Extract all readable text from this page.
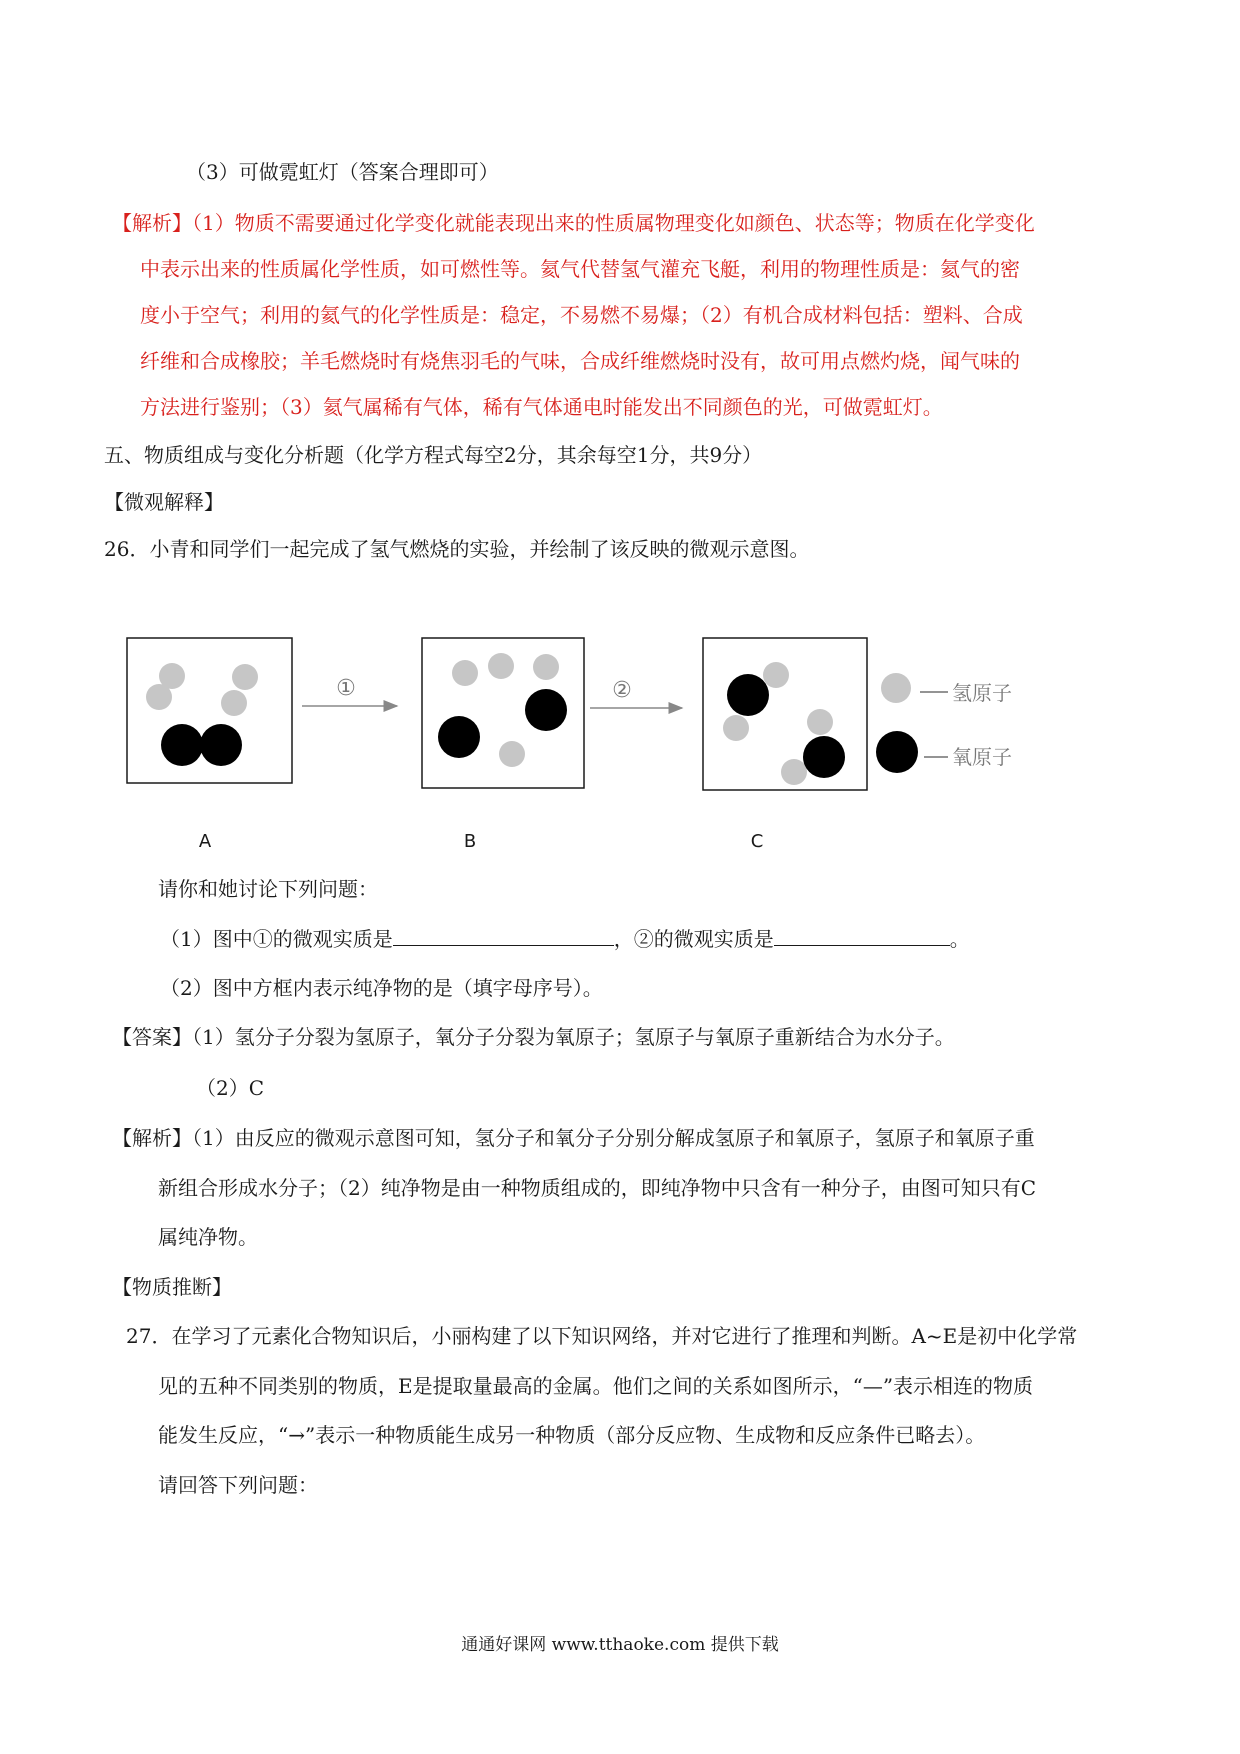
（3）可做霓虹灯（答案合理即可）
【解析】（1）物质不需要通过化学变化就能表现出来的性质属物理变化如颜色、状态等；物质在化学变化
中表示出来的性质属化学性质，如可燃性等。氦气代替氢气灌充飞艇，利用的物理性质是：氦气的密
度小于空气；利用的氦气的化学性质是：稳定，不易燃不易爆；（2）有机合成材料包括：塑料、合成
纤维和合成橡胶；羊毛燃烧时有烧焦羽毛的气味，合成纤维燃烧时没有，故可用点燃灼烧，闻气味的
方法进行鉴别；（3）氦气属稀有气体，稀有气体通电时能发出不同颜色的光，可做霓虹灯。
五、物质组成与变化分析题（化学方程式每空2分，其余每空1分，共9分）
【微观解释】
26．小青和同学们一起完成了氢气燃烧的实验，并绘制了该反映的微观示意图。
①	②	氢原子
氧原子
A	B	C
请你和她讨论下列问题：
（1）图中①的微观实质是	，②的微观实质是	。
（2）图中方框内表示纯净物的是（填字母序号）。
【答案】（1）氢分子分裂为氢原子，氧分子分裂为氧原子；氢原子与氧原子重新结合为水分子。
（2）C
【解析】（1）由反应的微观示意图可知，氢分子和氧分子分别分解成氢原子和氧原子，氢原子和氧原子重
新组合形成水分子；（2）纯净物是由一种物质组成的，即纯净物中只含有一种分子，由图可知只有C
属纯净物。
【物质推断】
27．在学习了元素化合物知识后，小丽构建了以下知识网络，并对它进行了推理和判断。A~E是初中化学常
见的五种不同类别的物质，E是提取量最高的金属。他们之间的关系如图所示，“—”表示相连的物质
能发生反应，“→”表示一种物质能生成另一种物质（部分反应物、生成物和反应条件已略去）。
请回答下列问题：
通通好课网 www.tthaoke.com 提供下载
